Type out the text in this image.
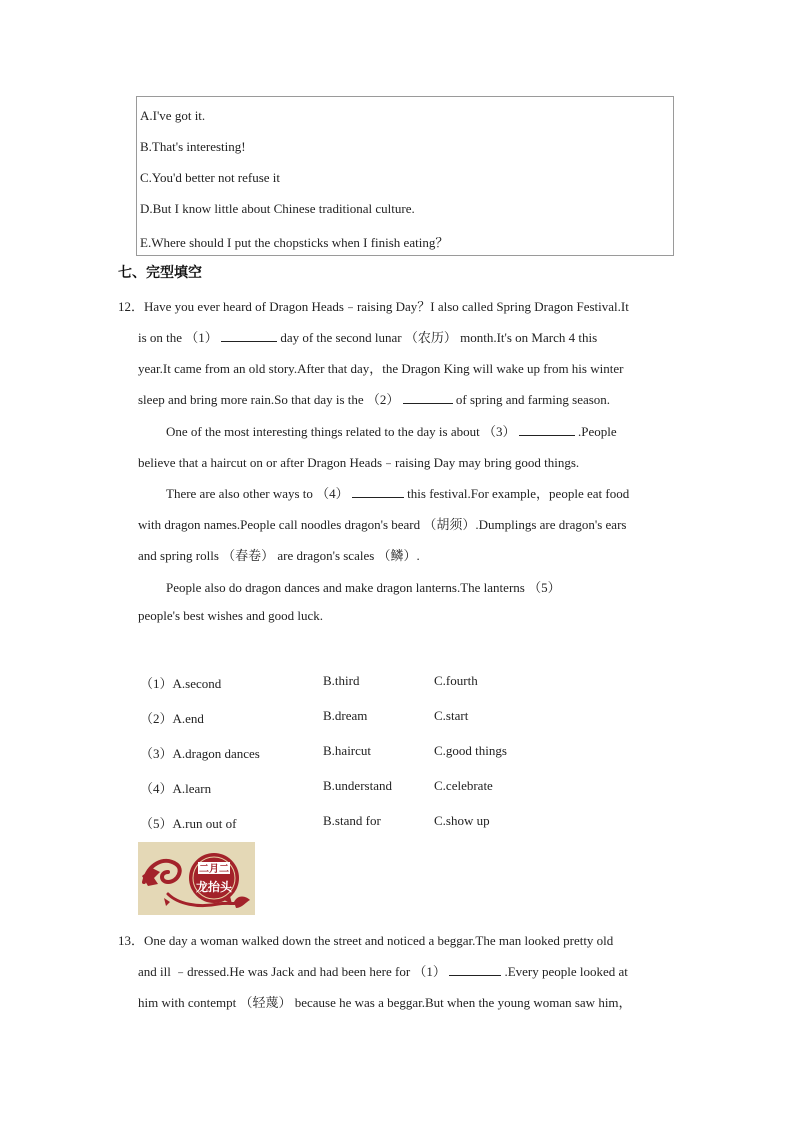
A.I've got it.
B.That's interesting!
C.You'd better not refuse it
D.But I know little about Chinese traditional culture.
E.Where should I put the chopsticks when I finish eating？
七、完型填空
12．Have you ever heard of Dragon Heads﹣raising Day？I also called Spring Dragon Festival.It
is on the （1）	day of the second lunar （农历） month.It's on March 4 this
year.It came from an old story.After that day，the Dragon King will wake up from his winter
sleep and bring more rain.So that day is the （2）	of spring and farming season.
One of the most interesting things related to the day is about （3）	.People
believe that a haircut on or after Dragon Heads﹣raising Day may bring good things.
There are also other ways to （4）	this festival.For example，people eat food
with dragon names.People call noodles dragon's beard （胡须）.Dumplings are dragon's ears
and spring rolls （春卷） are dragon's scales （鳞）.
People also do dragon dances and make dragon lanterns.The lanterns （5）
people's best wishes and good luck.
（1）A.second	B.third	C.fourth
（2）A.end	B.dream	C.start
（3）A.dragon dances	B.haircut	C.good things
（4）A.learn	B.understand	C.celebrate
（5）A.run out of	B.stand for	C.show up
二月二
龙抬头
13．One day a woman walked down the street and noticed a beggar.The man looked pretty old
and ill ﹣dressed.He was Jack and had been here for （1）	.Every people looked at
him with contempt （轻蔑） because he was a beggar.But when the young woman saw him，
